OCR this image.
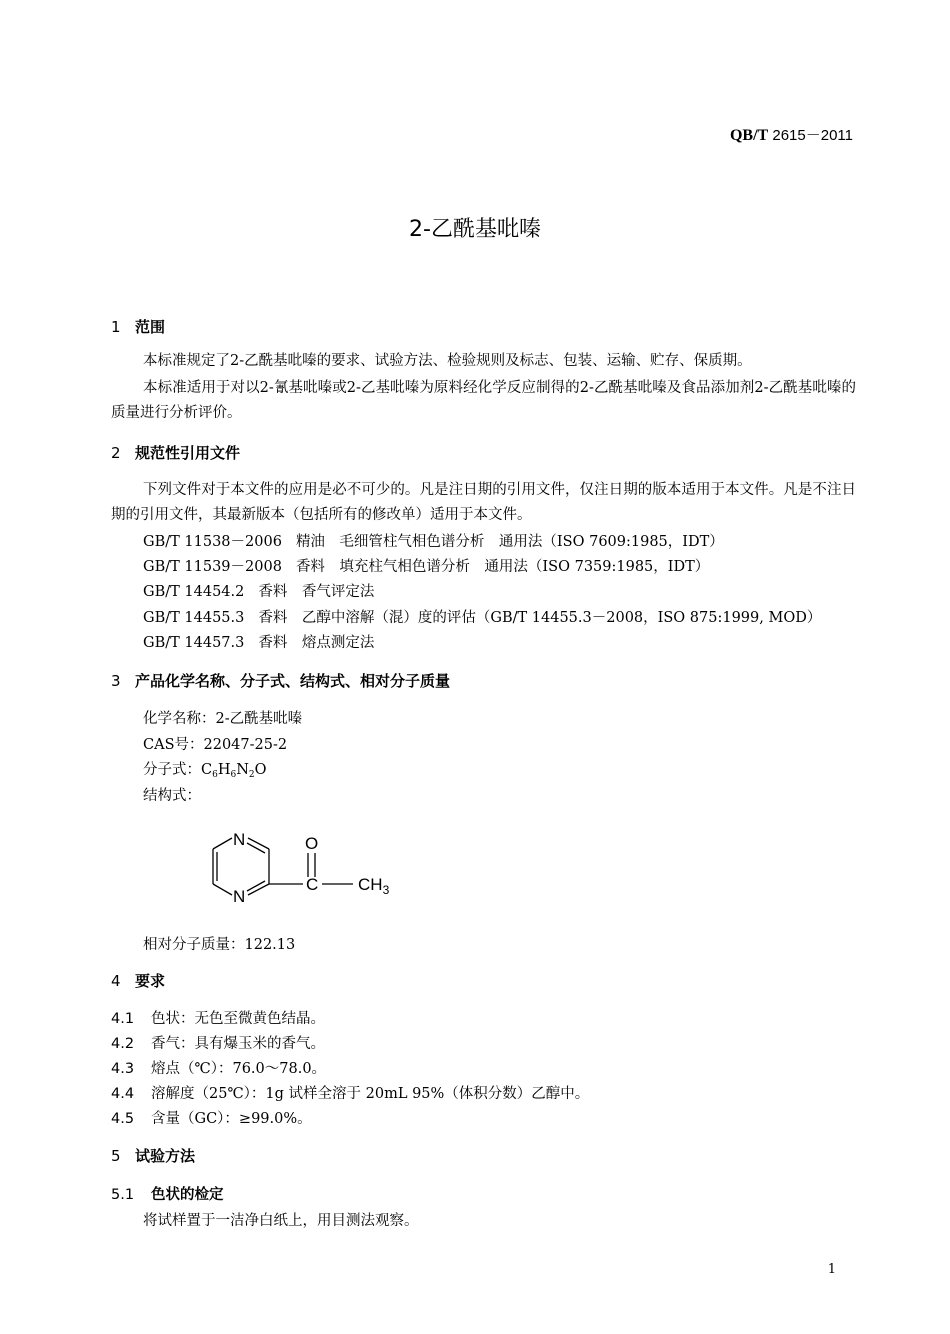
QB/T 2615－2011
2-乙酰基吡嗪
1 范围
本标准规定了2-乙酰基吡嗪的要求、试验方法、检验规则及标志、包装、运输、贮存、保质期。
本标准适用于对以2-氰基吡嗪或2-乙基吡嗪为原料经化学反应制得的2-乙酰基吡嗪及食品添加剂2-乙酰基吡嗪的质量进行分析评价。
2 规范性引用文件
下列文件对于本文件的应用是必不可少的。凡是注日期的引用文件，仅注日期的版本适用于本文件。凡是不注日期的引用文件，其最新版本（包括所有的修改单）适用于本文件。
GB/T 11538－2006 精油　毛细管柱气相色谱分析　通用法（ISO 7609:1985，IDT）
GB/T 11539－2008 香料　填充柱气相色谱分析　通用法（ISO 7359:1985，IDT）
GB/T 14454.2 香料　香气评定法
GB/T 14455.3 香料　乙醇中溶解（混）度的评估（GB/T 14455.3－2008，ISO 875:1999, MOD）
GB/T 14457.3 香料　熔点测定法
3 产品化学名称、分子式、结构式、相对分子质量
化学名称：2-乙酰基吡嗪
CAS号：22047-25-2
分子式：$C_6H_6N_2O$
结构式：
N
N
O
C $CH_3$
相对分子质量：122.13
4 要求
4.1 色状：无色至微黄色结晶。
4.2 香气：具有爆玉米的香气。
4.3 熔点（℃）：76.0～78.0。
4.4 溶解度（25℃）：1g 试样全溶于 20mL 95%（体积分数）乙醇中。
4.5 含量（GC）：≥99.0%。
5 试验方法
5.1 色状的检定
将试样置于一洁净白纸上，用目测法观察。
1
